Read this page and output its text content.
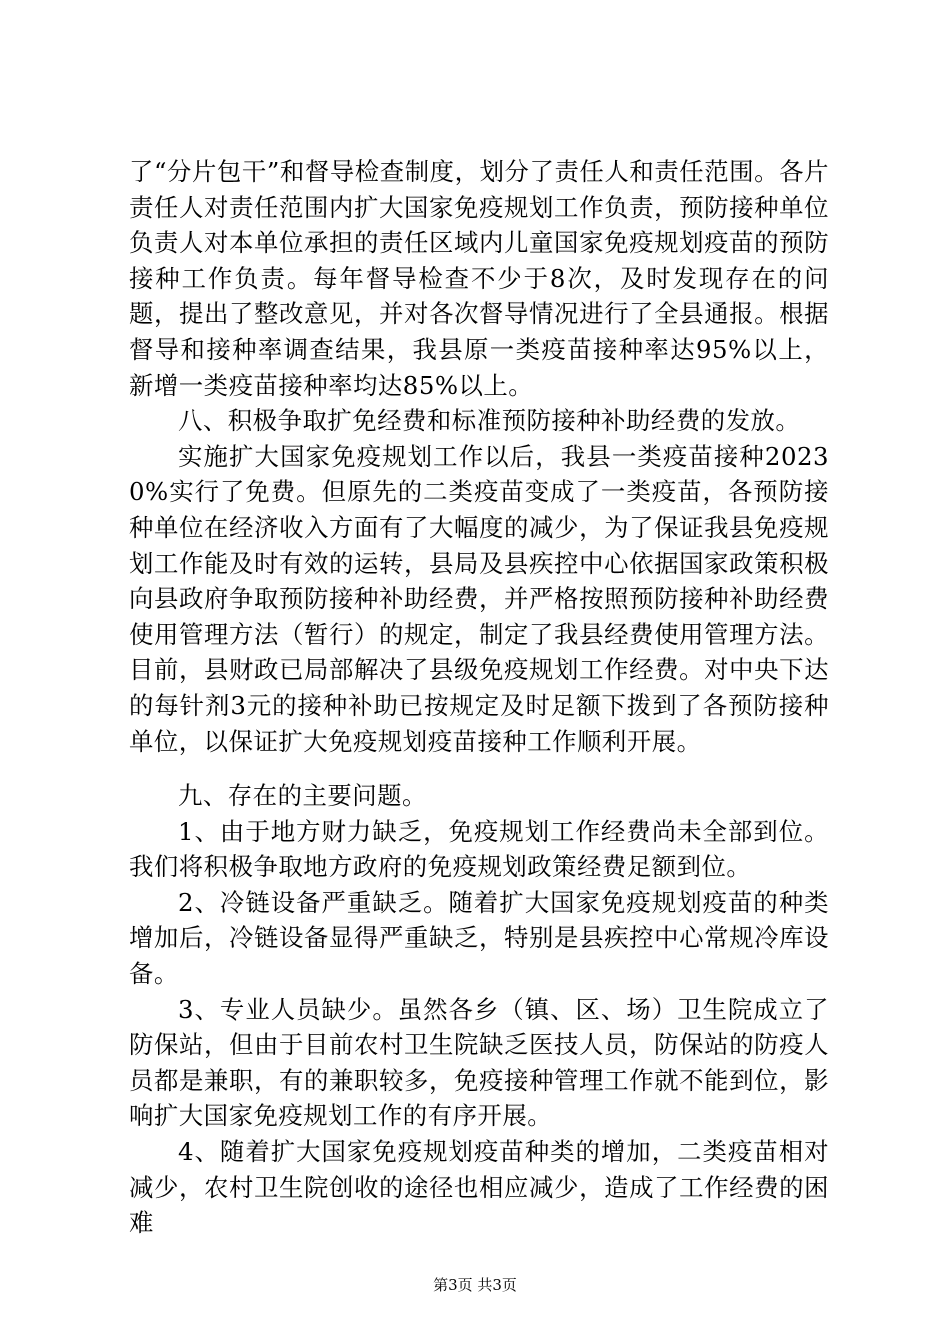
了“分片包干”和督导检查制度，划分了责任人和责任范围。各片责任人对责任范围内扩大国家免疫规划工作负责，预防接种单位负责人对本单位承担的责任区域内儿童国家免疫规划疫苗的预防接种工作负责。每年督导检查不少于8次，及时发现存在的问题，提出了整改意见，并对各次督导情况进行了全县通报。根据督导和接种率调查结果，我县原一类疫苗接种率达95%以上，新增一类疫苗接种率均达85%以上。

八、积极争取扩免经费和标准预防接种补助经费的发放。

实施扩大国家免疫规划工作以后，我县一类疫苗接种20230%实行了免费。但原先的二类疫苗变成了一类疫苗，各预防接种单位在经济收入方面有了大幅度的减少，为了保证我县免疫规划工作能及时有效的运转，县局及县疾控中心依据国家政策积极向县政府争取预防接种补助经费，并严格按照预防接种补助经费使用管理方法（暂行）的规定，制定了我县经费使用管理方法。目前，县财政已局部解决了县级免疫规划工作经费。对中央下达的每针剂3元的接种补助已按规定及时足额下拨到了各预防接种单位，以保证扩大免疫规划疫苗接种工作顺利开展。

九、存在的主要问题。

1、由于地方财力缺乏，免疫规划工作经费尚未全部到位。我们将积极争取地方政府的免疫规划政策经费足额到位。

2、冷链设备严重缺乏。随着扩大国家免疫规划疫苗的种类增加后，冷链设备显得严重缺乏，特别是县疾控中心常规冷库设备。

3、专业人员缺少。虽然各乡（镇、区、场）卫生院成立了防保站，但由于目前农村卫生院缺乏医技人员，防保站的防疫人员都是兼职，有的兼职较多，免疫接种管理工作就不能到位，影响扩大国家免疫规划工作的有序开展。

4、随着扩大国家免疫规划疫苗种类的增加，二类疫苗相对减少，农村卫生院创收的途径也相应减少，造成了工作经费的困难

第3页 共3页
